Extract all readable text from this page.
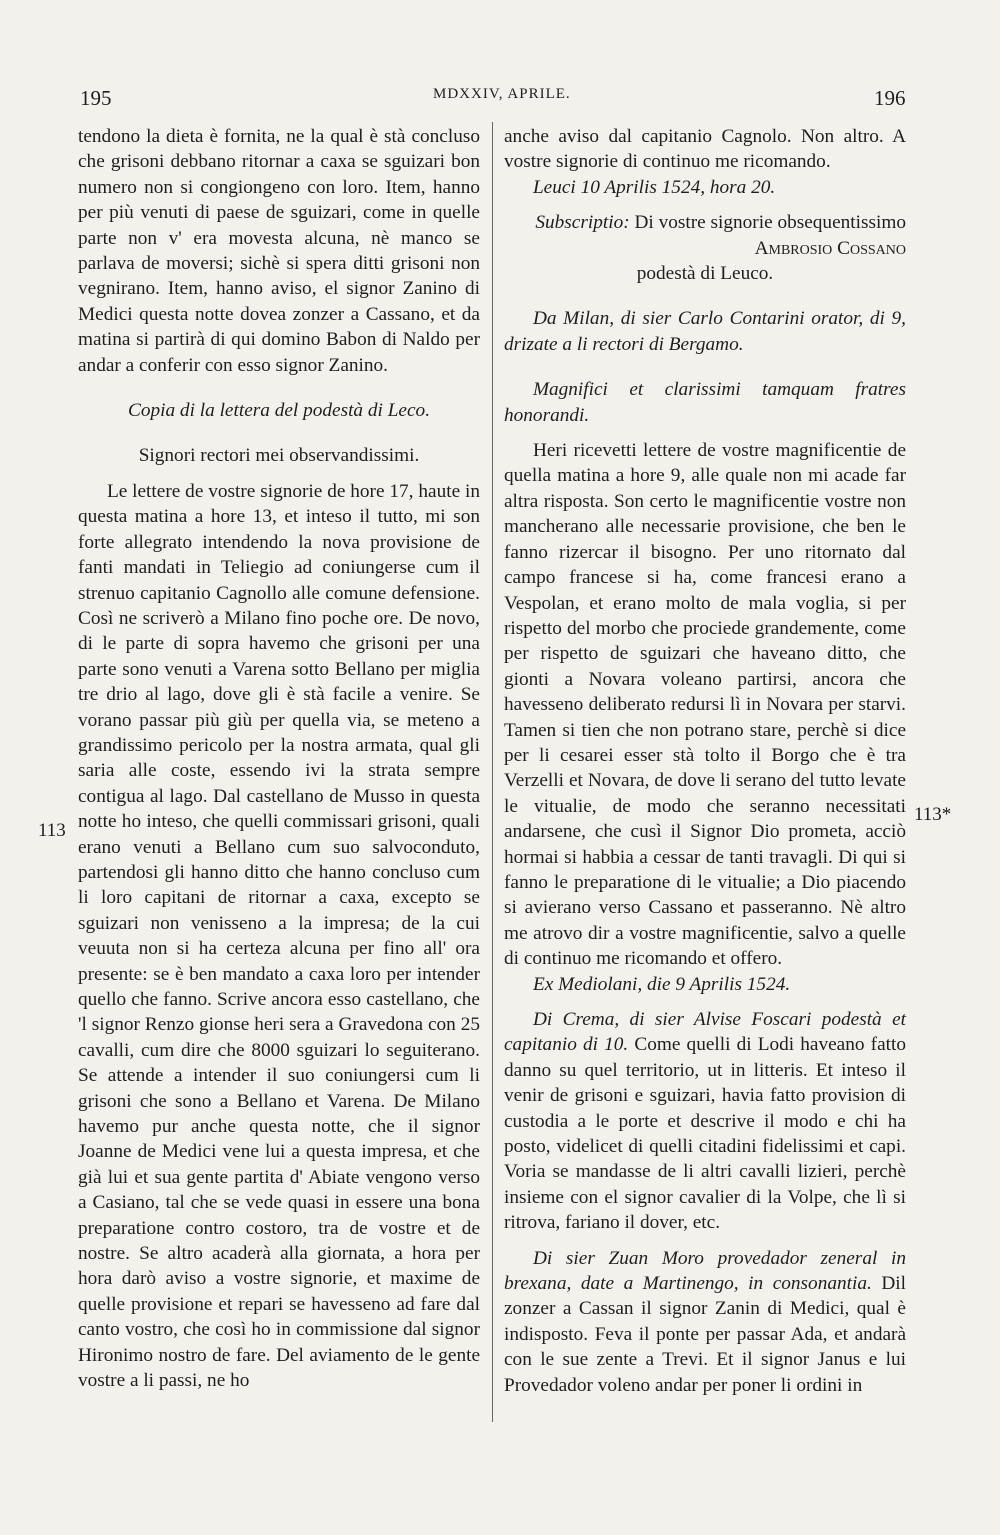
195	MDXXIV, APRILE.	196
113
113*

tendono la dieta è fornita, ne la qual è stà concluso che grisoni debbano ritornar a caxa se sguizari bon numero non si congiongeno con loro. Item, hanno per più venuti di paese de sguizari, come in quelle parte non v' era movesta alcuna, nè manco se parlava de moversi; sichè si spera ditti grisoni non vegnirano. Item, hanno aviso, el signor Zanino di Medici questa notte dovea zonzer a Cassano, et da matina si partirà di qui domino Babon di Naldo per andar a conferir con esso signor Zanino.

Copia di la lettera del podestà di Leco.

Signori rectori mei observandissimi.

Le lettere de vostre signorie de hore 17, haute in questa matina a hore 13, et inteso il tutto, mi son forte allegrato intendendo la nova provisione de fanti mandati in Teliegio ad coniungerse cum il strenuo capitanio Cagnollo alle comune defensione. Così ne scriverò a Milano fino poche ore. De novo, di le parte di sopra havemo che grisoni per una parte sono venuti a Varena sotto Bellano per miglia tre drio al lago, dove gli è stà facile a venire. Se vorano passar più giù per quella via, se meteno a grandissimo pericolo per la nostra armata, qual gli saria alle coste, essendo ivi la strata sempre contigua al lago. Dal castellano de Musso in questa notte ho inteso, che quelli commissari grisoni, quali erano venuti a Bellano cum suo salvoconduto, partendosi gli hanno ditto che hanno concluso cum li loro capitani de ritornar a caxa, excepto se sguizari non venisseno a la impresa; de la cui veuuta non si ha certeza alcuna per fino all' ora presente: se è ben mandato a caxa loro per intender quello che fanno. Scrive ancora esso castellano, che 'l signor Renzo gionse heri sera a Gravedona con 25 cavalli, cum dire che 8000 sguizari lo seguiterano. Se attende a intender il suo coniungersi cum li grisoni che sono a Bellano et Varena. De Milano havemo pur anche questa notte, che il signor Joanne de Medici vene lui a questa impresa, et che già lui et sua gente partita d' Abiate vengono verso a Casiano, tal che se vede quasi in essere una bona preparatione contro costoro, tra de vostre et de nostre. Se altro acaderà alla giornata, a hora per hora darò aviso a vostre signorie, et maxime de quelle provisione et repari se havesseno ad fare dal canto vostro, che così ho in commissione dal signor Hironimo nostro de fare. Del aviamento de le gente vostre a li passi, ne ho

anche aviso dal capitanio Cagnolo. Non altro. A vostre signorie di continuo me ricomando.

Leuci 10 Aprilis 1524, hora 20.

Subscriptio: Di vostre signorie obsequentissimo Ambrosio Cossano

podestà di Leuco.

Da Milan, di sier Carlo Contarini orator, di 9, drizate a li rectori di Bergamo.

Magnifici et clarissimi tamquam fratres honorandi.

Heri ricevetti lettere de vostre magnificentie de quella matina a hore 9, alle quale non mi acade far altra risposta. Son certo le magnificentie vostre non mancherano alle necessarie provisione, che ben le fanno rizercar il bisogno. Per uno ritornato dal campo francese si ha, come francesi erano a Vespolan, et erano molto de mala voglia, si per rispetto del morbo che prociede grandemente, come per rispetto de sguizari che haveano ditto, che gionti a Novara voleano partirsi, ancora che havesseno deliberato redursi lì in Novara per starvi. Tamen si tien che non potrano stare, perchè si dice per li cesarei esser stà tolto il Borgo che è tra Verzelli et Novara, de dove li serano del tutto levate le vitualie, de modo che seranno necessitati andarsene, che cusì il Signor Dio prometa, acciò hormai si habbia a cessar de tanti travagli. Di qui si fanno le preparatione di le vitualie; a Dio piacendo si avierano verso Cassano et passeranno. Nè altro me atrovo dir a vostre magnificentie, salvo a quelle di continuo me ricomando et offero.

Ex Mediolani, die 9 Aprilis 1524.

Di Crema, di sier Alvise Foscari podestà et capitanio di 10. Come quelli di Lodi haveano fatto danno su quel territorio, ut in litteris. Et inteso il venir de grisoni e sguizari, havia fatto provision di custodia a le porte et descrive il modo e chi ha posto, videlicet di quelli citadini fidelissimi et capi. Voria se mandasse de li altri cavalli lizieri, perchè insieme con el signor cavalier di la Volpe, che lì si ritrova, fariano il dover, etc.

Di sier Zuan Moro provedador zeneral in brexana, date a Martinengo, in consonantia. Dil zonzer a Cassan il signor Zanin di Medici, qual è indisposto. Feva il ponte per passar Ada, et andarà con le sue zente a Trevi. Et il signor Janus e lui Provedador voleno andar per poner li ordini in
